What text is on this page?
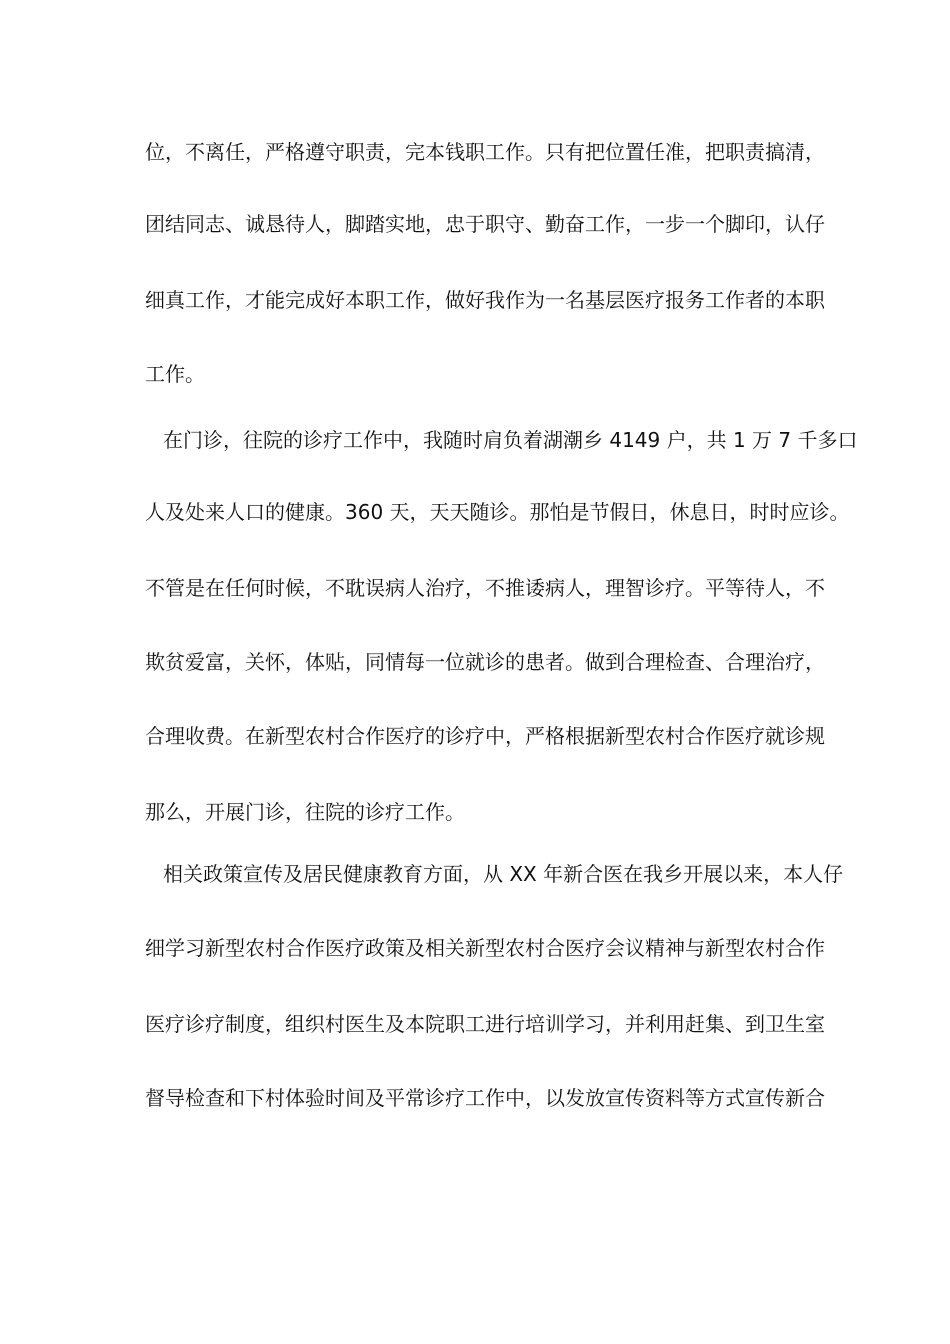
位，不离任，严格遵守职责，完本钱职工作。只有把位置任准，把职责搞清，
团结同志、诚恳待人，脚踏实地，忠于职守、勤奋工作，一步一个脚印，认仔
细真工作，才能完成好本职工作，做好我作为一名基层医疗报务工作者的本职
工作。
在门诊，往院的诊疗工作中，我随时肩负着湖潮乡 4149 户，共 1 万 7 千多口
人及处来人口的健康。360 天，天天随诊。那怕是节假日，休息日，时时应诊。
不管是在任何时候，不耽误病人治疗，不推诿病人，理智诊疗。平等待人，不
欺贫爱富，关怀，体贴，同情每一位就诊的患者。做到合理检查、合理治疗，
合理收费。在新型农村合作医疗的诊疗中，严格根据新型农村合作医疗就诊规
那么，开展门诊，往院的诊疗工作。
相关政策宣传及居民健康教育方面，从 XX 年新合医在我乡开展以来，本人仔
细学习新型农村合作医疗政策及相关新型农村合医疗会议精神与新型农村合作
医疗诊疗制度，组织村医生及本院职工进行培训学习，并利用赶集、到卫生室
督导检查和下村体验时间及平常诊疗工作中，以发放宣传资料等方式宣传新合
